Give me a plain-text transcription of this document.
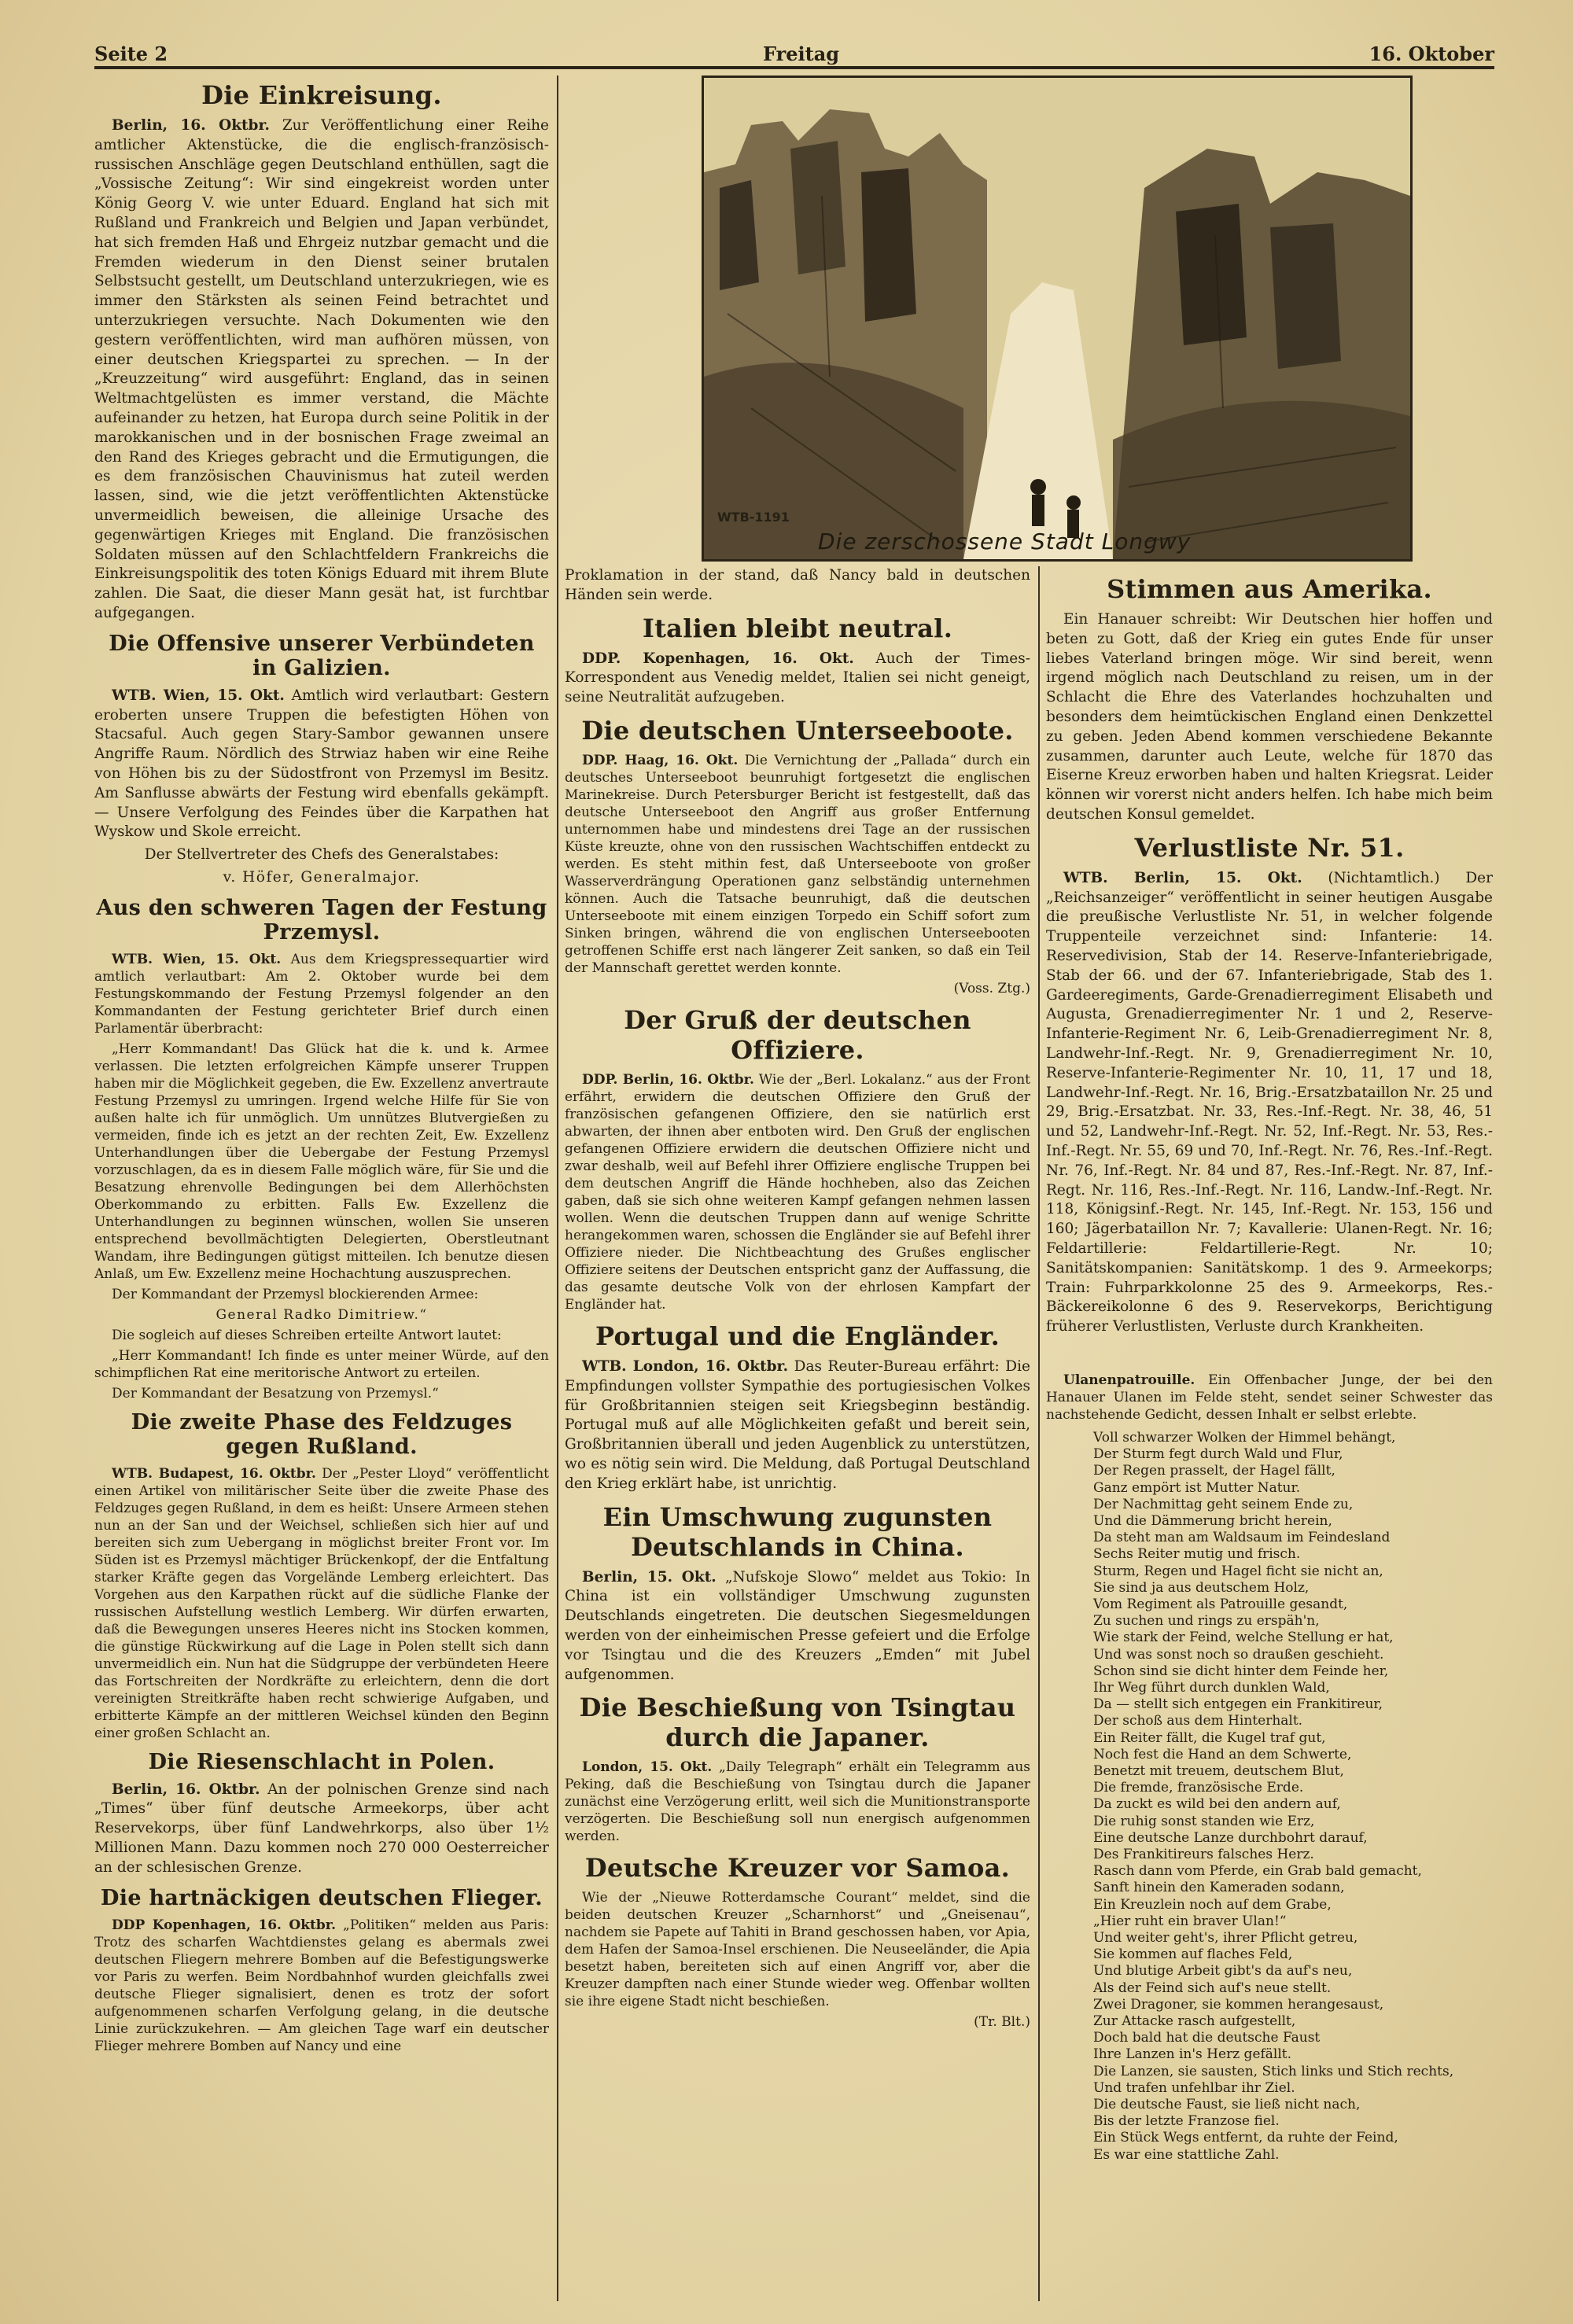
Seite 2	Freitag	16. Oktober
WTB-1191
Die zerschossene Stadt Longwy
Die Einkreisung.

Berlin, 16. Oktbr. Zur Veröffentlichung einer Reihe amtlicher Aktenstücke, die die englisch-französisch-russischen Anschläge gegen Deutschland enthüllen, sagt die „Vossische Zeitung“: Wir sind eingekreist worden unter König Georg V. wie unter Eduard. England hat sich mit Rußland und Frankreich und Belgien und Japan verbündet, hat sich fremden Haß und Ehrgeiz nutzbar gemacht und die Fremden wiederum in den Dienst seiner brutalen Selbstsucht gestellt, um Deutschland unterzukriegen, wie es immer den Stärksten als seinen Feind betrachtet und unterzukriegen versuchte. Nach Dokumenten wie den gestern veröffentlichten, wird man aufhören müssen, von einer deutschen Kriegspartei zu sprechen. — In der „Kreuzzeitung“ wird ausgeführt: England, das in seinen Weltmachtgelüsten es immer verstand, die Mächte aufeinander zu hetzen, hat Europa durch seine Politik in der marokkanischen und in der bosnischen Frage zweimal an den Rand des Krieges gebracht und die Ermutigungen, die es dem französischen Chauvinismus hat zuteil werden lassen, sind, wie die jetzt veröffentlichten Aktenstücke unvermeidlich beweisen, die alleinige Ursache des gegenwärtigen Krieges mit England. Die französischen Soldaten müssen auf den Schlachtfeldern Frankreichs die Einkreisungspolitik des toten Königs Eduard mit ihrem Blute zahlen. Die Saat, die dieser Mann gesät hat, ist furchtbar aufgegangen.

Die Offensive unserer Verbündeten in Galizien.

WTB. Wien, 15. Okt. Amtlich wird verlautbart: Gestern eroberten unsere Truppen die befestigten Höhen von Stacsaful. Auch gegen Stary-Sambor gewannen unsere Angriffe Raum. Nördlich des Strwiaz haben wir eine Reihe von Höhen bis zu der Südostfront von Przemysl im Besitz. Am Sanflusse abwärts der Festung wird ebenfalls gekämpft. — Unsere Verfolgung des Feindes über die Karpathen hat Wyskow und Skole erreicht.

Der Stellvertreter des Chefs des Generalstabes:

v. Höfer, Generalmajor.

Aus den schweren Tagen der Festung Przemysl.

WTB. Wien, 15. Okt. Aus dem Kriegspressequartier wird amtlich verlautbart: Am 2. Oktober wurde bei dem Festungskommando der Festung Przemysl folgender an den Kommandanten der Festung gerichteter Brief durch einen Parlamentär überbracht:

„Herr Kommandant! Das Glück hat die k. und k. Armee verlassen. Die letzten erfolgreichen Kämpfe unserer Truppen haben mir die Möglichkeit gegeben, die Ew. Exzellenz anvertraute Festung Przemysl zu umringen. Irgend welche Hilfe für Sie von außen halte ich für unmöglich. Um unnützes Blutvergießen zu vermeiden, finde ich es jetzt an der rechten Zeit, Ew. Exzellenz Unterhandlungen über die Uebergabe der Festung Przemysl vorzuschlagen, da es in diesem Falle möglich wäre, für Sie und die Besatzung ehrenvolle Bedingungen bei dem Allerhöchsten Oberkommando zu erbitten. Falls Ew. Exzellenz die Unterhandlungen zu beginnen wünschen, wollen Sie unseren entsprechend bevollmächtigten Delegierten, Oberstleutnant Wandam, ihre Bedingungen gütigst mitteilen. Ich benutze diesen Anlaß, um Ew. Exzellenz meine Hochachtung auszusprechen.

Der Kommandant der Przemysl blockierenden Armee:

General Radko Dimitriew.“

Die sogleich auf dieses Schreiben erteilte Antwort lautet:

„Herr Kommandant! Ich finde es unter meiner Würde, auf den schimpflichen Rat eine meritorische Antwort zu erteilen.

Der Kommandant der Besatzung von Przemysl.“

Die zweite Phase des Feldzuges gegen Rußland.

WTB. Budapest, 16. Oktbr. Der „Pester Lloyd“ veröffentlicht einen Artikel von militärischer Seite über die zweite Phase des Feldzuges gegen Rußland, in dem es heißt: Unsere Armeen stehen nun an der San und der Weichsel, schließen sich hier auf und bereiten sich zum Uebergang in möglichst breiter Front vor. Im Süden ist es Przemysl mächtiger Brückenkopf, der die Entfaltung starker Kräfte gegen das Vorgelände Lemberg erleichtert. Das Vorgehen aus den Karpathen rückt auf die südliche Flanke der russischen Aufstellung westlich Lemberg. Wir dürfen erwarten, daß die Bewegungen unseres Heeres nicht ins Stocken kommen, die günstige Rückwirkung auf die Lage in Polen stellt sich dann unvermeidlich ein. Nun hat die Südgruppe der verbündeten Heere das Fortschreiten der Nordkräfte zu erleichtern, denn die dort vereinigten Streitkräfte haben recht schwierige Aufgaben, und erbitterte Kämpfe an der mittleren Weichsel künden den Beginn einer großen Schlacht an.

Die Riesenschlacht in Polen.

Berlin, 16. Oktbr. An der polnischen Grenze sind nach „Times“ über fünf deutsche Armeekorps, über acht Reservekorps, über fünf Landwehrkorps, also über 1½ Millionen Mann. Dazu kommen noch 270 000 Oesterreicher an der schlesischen Grenze.

Die hartnäckigen deutschen Flieger.

DDP Kopenhagen, 16. Oktbr. „Politiken“ melden aus Paris: Trotz des scharfen Wachtdienstes gelang es abermals zwei deutschen Fliegern mehrere Bomben auf die Befestigungswerke vor Paris zu werfen. Beim Nordbahnhof wurden gleichfalls zwei deutsche Flieger signalisiert, denen es trotz der sofort aufgenommenen scharfen Verfolgung gelang, in die deutsche Linie zurückzukehren. — Am gleichen Tage warf ein deutscher Flieger mehrere Bomben auf Nancy und eine

Proklamation in der stand, daß Nancy bald in deutschen Händen sein werde.

Italien bleibt neutral.

DDP. Kopenhagen, 16. Okt. Auch der Times-Korrespondent aus Venedig meldet, Italien sei nicht geneigt, seine Neutralität aufzugeben.

Die deutschen Unterseeboote.

DDP. Haag, 16. Okt. Die Vernichtung der „Pallada“ durch ein deutsches Unterseeboot beunruhigt fortgesetzt die englischen Marinekreise. Durch Petersburger Bericht ist festgestellt, daß das deutsche Unterseeboot den Angriff aus großer Entfernung unternommen habe und mindestens drei Tage an der russischen Küste kreuzte, ohne von den russischen Wachtschiffen entdeckt zu werden. Es steht mithin fest, daß Unterseeboote von großer Wasserverdrängung Operationen ganz selbständig unternehmen können. Auch die Tatsache beunruhigt, daß die deutschen Unterseeboote mit einem einzigen Torpedo ein Schiff sofort zum Sinken bringen, während die von englischen Unterseebooten getroffenen Schiffe erst nach längerer Zeit sanken, so daß ein Teil der Mannschaft gerettet werden konnte.

(Voss. Ztg.)

Der Gruß der deutschen Offiziere.

DDP. Berlin, 16. Oktbr. Wie der „Berl. Lokalanz.“ aus der Front erfährt, erwidern die deutschen Offiziere den Gruß der französischen gefangenen Offiziere, den sie natürlich erst abwarten, der ihnen aber entboten wird. Den Gruß der englischen gefangenen Offiziere erwidern die deutschen Offiziere nicht und zwar deshalb, weil auf Befehl ihrer Offiziere englische Truppen bei dem deutschen Angriff die Hände hochheben, also das Zeichen gaben, daß sie sich ohne weiteren Kampf gefangen nehmen lassen wollen. Wenn die deutschen Truppen dann auf wenige Schritte herangekommen waren, schossen die Engländer sie auf Befehl ihrer Offiziere nieder. Die Nichtbeachtung des Grußes englischer Offiziere seitens der Deutschen entspricht ganz der Auffassung, die das gesamte deutsche Volk von der ehrlosen Kampfart der Engländer hat.

Portugal und die Engländer.

WTB. London, 16. Oktbr. Das Reuter-Bureau erfährt: Die Empfindungen vollster Sympathie des portugiesischen Volkes für Großbritannien steigen seit Kriegsbeginn beständig. Portugal muß auf alle Möglichkeiten gefaßt und bereit sein, Großbritannien überall und jeden Augenblick zu unterstützen, wo es nötig sein wird. Die Meldung, daß Portugal Deutschland den Krieg erklärt habe, ist unrichtig.

Ein Umschwung zugunsten Deutschlands in China.

Berlin, 15. Okt. „Nufskoje Slowo“ meldet aus Tokio: In China ist ein vollständiger Umschwung zugunsten Deutschlands eingetreten. Die deutschen Siegesmeldungen werden von der einheimischen Presse gefeiert und die Erfolge vor Tsingtau und die des Kreuzers „Emden“ mit Jubel aufgenommen.

Die Beschießung von Tsingtau durch die Japaner.

London, 15. Okt. „Daily Telegraph“ erhält ein Telegramm aus Peking, daß die Beschießung von Tsingtau durch die Japaner zunächst eine Verzögerung erlitt, weil sich die Munitionstransporte verzögerten. Die Beschießung soll nun energisch aufgenommen werden.

Deutsche Kreuzer vor Samoa.

Wie der „Nieuwe Rotterdamsche Courant“ meldet, sind die beiden deutschen Kreuzer „Scharnhorst“ und „Gneisenau“, nachdem sie Papete auf Tahiti in Brand geschossen haben, vor Apia, dem Hafen der Samoa-Insel erschienen. Die Neuseeländer, die Apia besetzt haben, bereiteten sich auf einen Angriff vor, aber die Kreuzer dampften nach einer Stunde wieder weg. Offenbar wollten sie ihre eigene Stadt nicht beschießen.

(Tr. Blt.)

Stimmen aus Amerika.

Ein Hanauer schreibt: Wir Deutschen hier hoffen und beten zu Gott, daß der Krieg ein gutes Ende für unser liebes Vaterland bringen möge. Wir sind bereit, wenn irgend möglich nach Deutschland zu reisen, um in der Schlacht die Ehre des Vaterlandes hochzuhalten und besonders dem heimtückischen England einen Denkzettel zu geben. Jeden Abend kommen verschiedene Bekannte zusammen, darunter auch Leute, welche für 1870 das Eiserne Kreuz erworben haben und halten Kriegsrat. Leider können wir vorerst nicht anders helfen. Ich habe mich beim deutschen Konsul gemeldet.

Verlustliste Nr. 51.

WTB. Berlin, 15. Okt. (Nichtamtlich.) Der „Reichsanzeiger“ veröffentlicht in seiner heutigen Ausgabe die preußische Verlustliste Nr. 51, in welcher folgende Truppenteile verzeichnet sind: Infanterie: 14. Reservedivision, Stab der 14. Reserve-Infanteriebrigade, Stab der 66. und der 67. Infanteriebrigade, Stab des 1. Gardeeregiments, Garde-Grenadierregiment Elisabeth und Augusta, Grenadierregimenter Nr. 1 und 2, Reserve-Infanterie-Regiment Nr. 6, Leib-Grenadierregiment Nr. 8, Landwehr-Inf.-Regt. Nr. 9, Grenadierregiment Nr. 10, Reserve-Infanterie-Regimenter Nr. 10, 11, 17 und 18, Landwehr-Inf.-Regt. Nr. 16, Brig.-Ersatzbataillon Nr. 25 und 29, Brig.-Ersatzbat. Nr. 33, Res.-Inf.-Regt. Nr. 38, 46, 51 und 52, Landwehr-Inf.-Regt. Nr. 52, Inf.-Regt. Nr. 53, Res.-Inf.-Regt. Nr. 55, 69 und 70, Inf.-Regt. Nr. 76, Res.-Inf.-Regt. Nr. 76, Inf.-Regt. Nr. 84 und 87, Res.-Inf.-Regt. Nr. 87, Inf.-Regt. Nr. 116, Res.-Inf.-Regt. Nr. 116, Landw.-Inf.-Regt. Nr. 118, Königsinf.-Regt. Nr. 145, Inf.-Regt. Nr. 153, 156 und 160; Jägerbataillon Nr. 7; Kavallerie: Ulanen-Regt. Nr. 16; Feldartillerie: Feldartillerie-Regt. Nr. 10; Sanitätskompanien: Sanitätskomp. 1 des 9. Armeekorps; Train: Fuhrparkkolonne 25 des 9. Armeekorps, Res.-Bäckereikolonne 6 des 9. Reservekorps, Berichtigung früherer Verlustlisten, Verluste durch Krankheiten.

Ulanenpatrouille. Ein Offenbacher Junge, der bei den Hanauer Ulanen im Felde steht, sendet seiner Schwester das nachstehende Gedicht, dessen Inhalt er selbst erlebte.

Voll schwarzer Wolken der Himmel behängt,
Der Sturm fegt durch Wald und Flur,
Der Regen prasselt, der Hagel fällt,
Ganz empört ist Mutter Natur.
Der Nachmittag geht seinem Ende zu,
Und die Dämmerung bricht herein,
Da steht man am Waldsaum im Feindesland
Sechs Reiter mutig und frisch.
Sturm, Regen und Hagel ficht sie nicht an,
Sie sind ja aus deutschem Holz,
Vom Regiment als Patrouille gesandt,
Zu suchen und rings zu erspäh'n,
Wie stark der Feind, welche Stellung er hat,
Und was sonst noch so draußen geschieht.
Schon sind sie dicht hinter dem Feinde her,
Ihr Weg führt durch dunklen Wald,
Da — stellt sich entgegen ein Frankitireur,
Der schoß aus dem Hinterhalt.
Ein Reiter fällt, die Kugel traf gut,
Noch fest die Hand an dem Schwerte,
Benetzt mit treuem, deutschem Blut,
Die fremde, französische Erde.
Da zuckt es wild bei den andern auf,
Die ruhig sonst standen wie Erz,
Eine deutsche Lanze durchbohrt darauf,
Des Frankitireurs falsches Herz.
Rasch dann vom Pferde, ein Grab bald gemacht,
Sanft hinein den Kameraden sodann,
Ein Kreuzlein noch auf dem Grabe,
„Hier ruht ein braver Ulan!“
Und weiter geht's, ihrer Pflicht getreu,
Sie kommen auf flaches Feld,
Und blutige Arbeit gibt's da auf's neu,
Als der Feind sich auf's neue stellt.
Zwei Dragoner, sie kommen herangesaust,
Zur Attacke rasch aufgestellt,
Doch bald hat die deutsche Faust
Ihre Lanzen in's Herz gefällt.
Die Lanzen, sie sausten, Stich links und Stich rechts,
Und trafen unfehlbar ihr Ziel.
Die deutsche Faust, sie ließ nicht nach,
Bis der letzte Franzose fiel.
Ein Stück Wegs entfernt, da ruhte der Feind,
Es war eine stattliche Zahl.
